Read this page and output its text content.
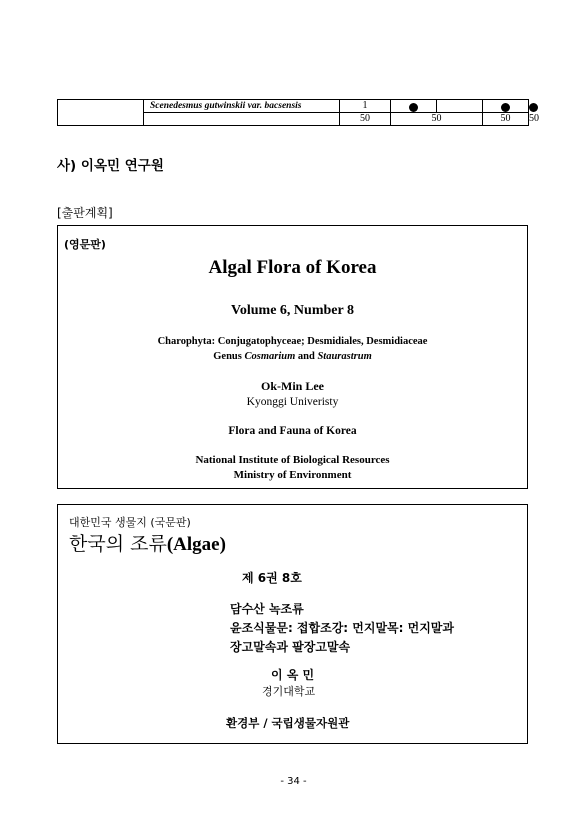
	Scenedesmus gutwinskii var. bacsensis	1				
		50	50		50	50
사) 이옥민 연구원
[출판계획]
(영문판)
Algal Flora of Korea
Volume 6, Number 8
Charophyta: Conjugatophyceae; Desmidiales, Desmidiaceae
Genus Cosmarium and Staurastrum
Ok-Min Lee
Kyonggi Univeristy
Flora and Fauna of Korea
National Institute of Biological Resources
Ministry of Environment
대한민국 생물지 (국문판)
한국의 조류(Algae)
제 6권 8호
담수산 녹조류
윤조식물문: 접합조강: 먼지말목: 먼지말과
장고말속과 팔장고말속
이 옥 민
경기대학교
환경부 / 국립생물자원관
- 34 -
